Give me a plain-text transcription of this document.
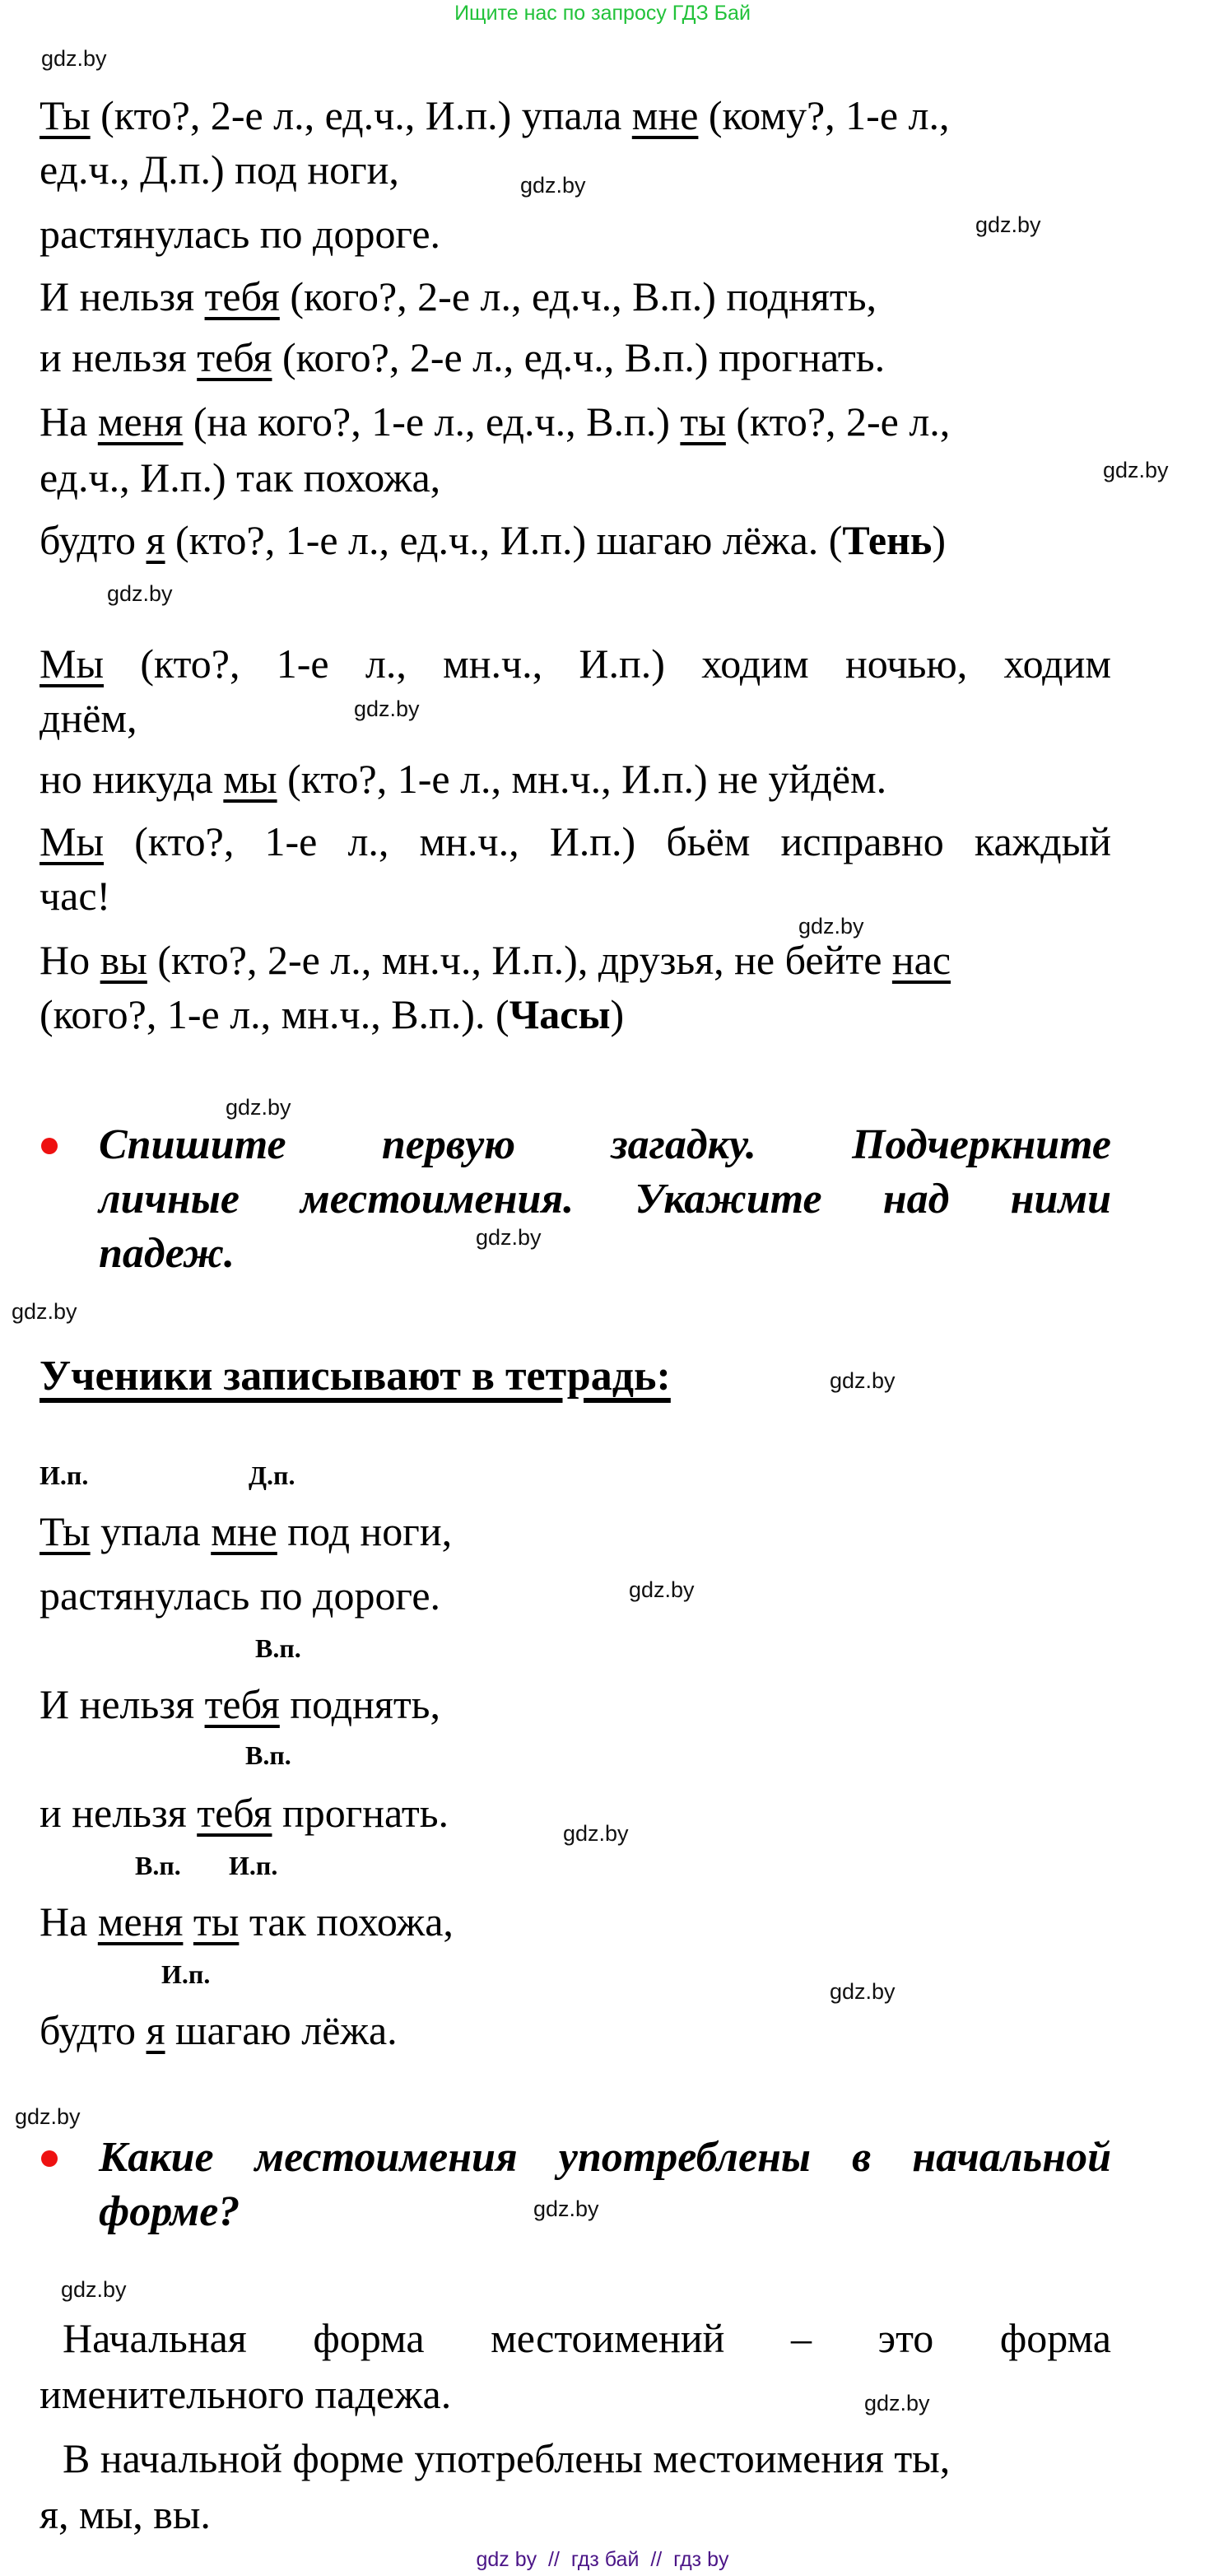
Ищите нас по запросу ГДЗ Бай
gdz.by
gdz.by
gdz.by
gdz.by
gdz.by
gdz.by
gdz.by
gdz.by
gdz.by
gdz.by
gdz.by
gdz.by
gdz.by
gdz.by
gdz.by
gdz.by
gdz.by
gdz.by
Ты (кто?, 2-е л., ед.ч., И.п.) упала мне (кому?, 1-е л.,
ед.ч., Д.п.) под ноги,
растянулась по дороге.
И нельзя тебя (кого?, 2-е л., ед.ч., В.п.) поднять,
и нельзя тебя (кого?, 2-е л., ед.ч., В.п.) прогнать.
На меня (на кого?, 1-е л., ед.ч., В.п.) ты (кто?, 2-е л.,
ед.ч., И.п.) так похожа,
будто я (кто?, 1-е л., ед.ч., И.п.) шагаю лёжа. (Тень)
Мы (кто?, 1-е л., мн.ч., И.п.) ходим ночью, ходим
днём,
но никуда мы (кто?, 1-е л., мн.ч., И.п.) не уйдём.
Мы (кто?, 1-е л., мн.ч., И.п.) бьём исправно каждый
час!
Но вы (кто?, 2-е л., мн.ч., И.п.), друзья, не бейте нас
(кого?, 1-е л., мн.ч., В.п.). (Часы)
Спишите первую загадку. Подчеркните
личные местоимения. Укажите над ними
падеж.
Ученики записывают в тетрадь:
И.п.	Д.п.
Ты упала мне под ноги,
растянулась по дороге.
В.п.
И нельзя тебя поднять,
В.п.
и нельзя тебя прогнать.
В.п. И.п.
На меня ты так похожа,
И.п.
будто я шагаю лёжа.
Какие местоимения употреблены в начальной
форме?
Начальная форма местоимений – это форма
именительного падежа.
В начальной форме употреблены местоимения ты,
я, мы, вы.
gdz by  //  гдз бай  //  гдз by
